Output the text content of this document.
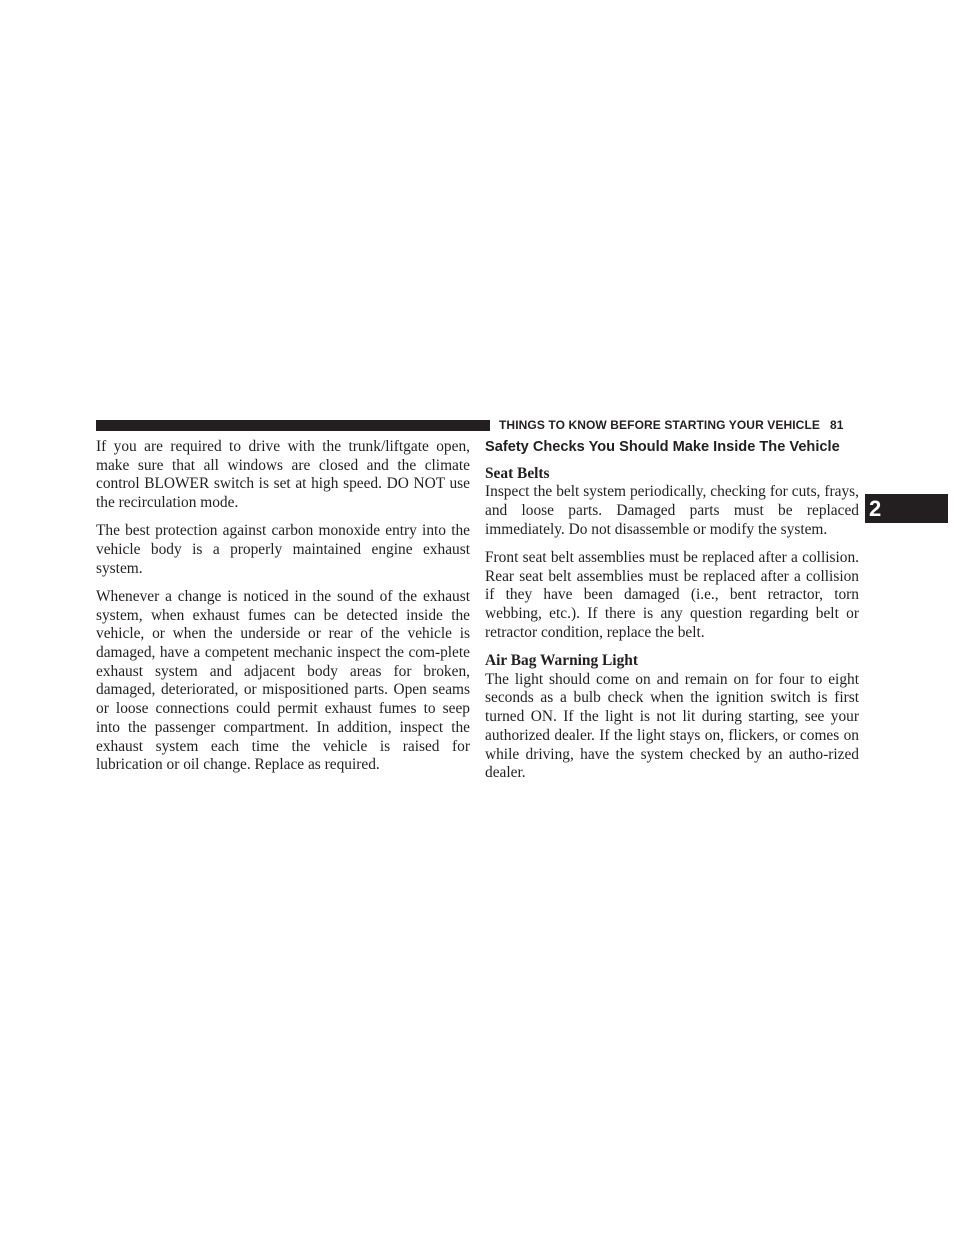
THINGS TO KNOW BEFORE STARTING YOUR VEHICLE 81
2

If you are required to drive with the trunk/liftgate open, make sure that all windows are closed and the climate control BLOWER switch is set at high speed. DO NOT use the recirculation mode.

The best protection against carbon monoxide entry into the vehicle body is a properly maintained engine exhaust system.

Whenever a change is noticed in the sound of the exhaust system, when exhaust fumes can be detected inside the vehicle, or when the underside or rear of the vehicle is damaged, have a competent mechanic inspect the com-plete exhaust system and adjacent body areas for broken, damaged, deteriorated, or mispositioned parts. Open seams or loose connections could permit exhaust fumes to seep into the passenger compartment. In addition, inspect the exhaust system each time the vehicle is raised for lubrication or oil change. Replace as required.

Safety Checks You Should Make Inside The Vehicle
Seat Belts

Inspect the belt system periodically, checking for cuts, frays, and loose parts. Damaged parts must be replaced immediately. Do not disassemble or modify the system.

Front seat belt assemblies must be replaced after a collision. Rear seat belt assemblies must be replaced after a collision if they have been damaged (i.e., bent retractor, torn webbing, etc.). If there is any question regarding belt or retractor condition, replace the belt.

Air Bag Warning Light

The light should come on and remain on for four to eight seconds as a bulb check when the ignition switch is first turned ON. If the light is not lit during starting, see your authorized dealer. If the light stays on, flickers, or comes on while driving, have the system checked by an autho-rized dealer.
